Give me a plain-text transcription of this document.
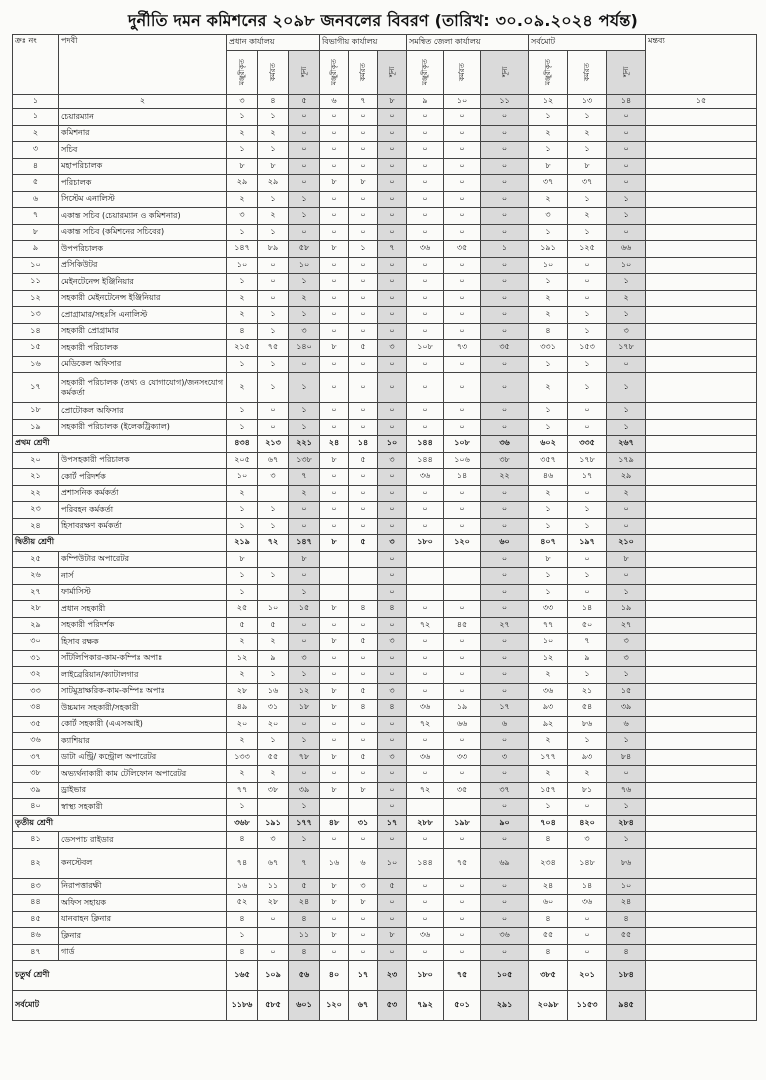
দুর্নীতি দমন কমিশনের ২০৯৮ জনবলের বিবরণ (তারিখ: ৩০.০৯.২০২৪ পর্যন্ত)
ক্রঃ নং	পদবী	প্রধান কার্যালয়			বিভাগীয় কার্যালয়			সমন্বিত জেলা কার্যালয়			সর্বমোট			মন্তব্য
		মঞ্জুরীকৃত	কর্মরত	শূন্য	মঞ্জুরীকৃত	কর্মরত	শূন্য	মঞ্জুরীকৃত	কর্মরত	শূন্য	মঞ্জুরীকৃত	কর্মরত	শূন্য	
১	২	৩	৪	৫	৬	৭	৮	৯	১০	১১	১২	১৩	১৪	১৫
১	চেয়ারম্যান	১	১	০	০	০	০	০	০	০	১	১	০	
২	কমিশনার	২	২	০	০	০	০	০	০	০	২	২	০	
৩	সচিব	১	১	০	০	০	০	০	০	০	১	১	০	
৪	মহাপরিচালক	৮	৮	০	০	০	০	০	০	০	৮	৮	০	
৫	পরিচালক	২৯	২৯	০	৮	৮	০	০	০	০	৩৭	৩৭	০	
৬	সিস্টেম এনালিস্ট	২	১	১	০	০	০	০	০	০	২	১	১	
৭	একান্ত সচিব (চেয়ারম্যান ও কমিশনার)	৩	২	১	০	০	০	০	০	০	৩	২	১	
৮	একান্ত সচিব (কমিশনের সচিবের)	১	১	০	০	০	০	০	০	০	১	১	০	
৯	উপপরিচালক	১৪৭	৮৯	৫৮	৮	১	৭	৩৬	৩৫	১	১৯১	১২৫	৬৬	
১০	প্রসিকিউটর	১০	০	১০	০	০	০	০	০	০	১০	০	১০	
১১	মেইনটেনেন্স ইঞ্জিনিয়ার	১	০	১	০	০	০	০	০	০	১	০	১	
১২	সহকারী মেইনটেনেন্স ইঞ্জিনিয়ার	২	০	২	০	০	০	০	০	০	২	০	২	
১৩	প্রোগ্রামার/সহঃসি এনালিস্ট	২	১	১	০	০	০	০	০	০	২	১	১	
১৪	সহকারী প্রোগ্রামার	৪	১	৩	০	০	০	০	০	০	৪	১	৩	
১৫	সহকারী পরিচালক	২১৫	৭৫	১৪০	৮	৫	৩	১০৮	৭৩	৩৫	৩৩১	১৫৩	১৭৮	
১৬	মেডিকেল অফিসার	১	১	০	০	০	০	০	০	০	১	১	০	
১৭	সহকারী পরিচালক (তথ্য ও যোগাযোগ)/জনসংযোগ কর্মকর্তা	২	১	১	০	০	০	০	০	০	২	১	১	
১৮	প্রোটোকল অফিসার	১	০	১	০	০	০	০	০	০	১	০	১	
১৯	সহকারী পরিচালক (ইলেকট্রিক্যাল)	১	০	১	০	০	০	০	০	০	১	০	১	
প্রথম শ্রেণী		৪৩৪	২১৩	২২১	২৪	১৪	১০	১৪৪	১০৮	৩৬	৬০২	৩৩৫	২৬৭	
২০	উপসহকারী পরিচালক	২০৫	৬৭	১৩৮	৮	৫	৩	১৪৪	১০৬	৩৮	৩৫৭	১৭৮	১৭৯	
২১	কোর্ট পরিদর্শক	১০	৩	৭	০	০	০	৩৬	১৪	২২	৪৬	১৭	২৯	
২২	প্রশাসনিক কর্মকর্তা	২		২	০	০	০	০	০	০	২	০	২	
২৩	পরিবহন কর্মকর্তা	১	১	০	০	০	০	০	০	০	১	১	০	
২৪	হিসাবরক্ষণ কর্মকর্তা	১	১	০	০	০	০	০	০	০	১	১	০	
দ্বিতীয় শ্রেণী		২১৯	৭২	১৪৭	৮	৫	৩	১৮০	১২০	৬০	৪০৭	১৯৭	২১০	
২৫	কম্পিউটার অপারেটর	৮		৮			০			০	৮	০	৮	
২৬	নার্স	১	১	০			০			০	১	১	০	
২৭	ফার্মাসিস্ট	১		১			০			০	১	০	১	
২৮	প্রধান সহকারী	২৫	১০	১৫	৮	৪	৪	০	০	০	৩৩	১৪	১৯	
২৯	সহকারী পরিদর্শক	৫	৫	০	০	০	০	৭২	৪৫	২৭	৭৭	৫০	২৭	
৩০	হিসাব রক্ষক	২	২	০	৮	৫	৩	০	০	০	১০	৭	৩	
৩১	সাঁটলিপিকার-কাম-কম্পিঃ অপাঃ	১২	৯	৩	০	০	০	০	০	০	১২	৯	৩	
৩২	লাইব্রেরিয়ান/ক্যাটালগার	২	১	১	০	০	০	০	০	০	২	১	১	
৩৩	সাটমুদ্রাক্ষরিক-কাম-কম্পিঃ অপাঃ	২৮	১৬	১২	৮	৫	৩	০	০	০	৩৬	২১	১৫	
৩৪	উচ্চমান সহকারী/সহকারী	৪৯	৩১	১৮	৮	৪	৪	৩৬	১৯	১৭	৯৩	৫৪	৩৯	
৩৫	কোর্ট সহকারী (এএসআই)	২০	২০	০	০	০	০	৭২	৬৬	৬	৯২	৮৬	৬	
৩৬	ক্যাশিয়ার	২	১	১	০	০	০	০	০	০	২	১	১	
৩৭	ডাটা এন্ট্রি/ কন্ট্রোল অপারেটর	১৩৩	৫৫	৭৮	৮	৫	৩	৩৬	৩৩	৩	১৭৭	৯৩	৮৪	
৩৮	অভ্যর্থনাকারী কাম টেলিফোন অপারেটর	২	২	০	০	০	০	০	০	০	২	২	০	
৩৯	ড্রাইভার	৭৭	৩৮	৩৯	৮	৮	০	৭২	৩৫	৩৭	১৫৭	৮১	৭৬	
৪০	স্বাস্থ্য সহকারী	১		১			০			০	১	০	১	
তৃতীয় শ্রেণী		৩৬৮	১৯১	১৭৭	৪৮	৩১	১৭	২৮৮	১৯৮	৯০	৭০৪	৪২০	২৮৪	
৪১	ডেসপাচ রাইডার	৪	৩	১	০	০	০	০	০	০	৪	৩	১	
৪২	কনস্টেবল	৭৪	৬৭	৭	১৬	৬	১০	১৪৪	৭৫	৬৯	২৩৪	১৪৮	৮৬	
৪৩	নিরাপত্তারক্ষী	১৬	১১	৫	৮	৩	৫	০	০	০	২৪	১৪	১০	
৪৪	অফিস সহায়ক	৫২	২৮	২৪	৮	৮	০	০	০	০	৬০	৩৬	২৪	
৪৫	যানবাহন ক্লিনার	৪	০	৪	০	০	০	০	০	০	৪	০	৪	
৪৬	ক্লিনার	১		১১	৮	০	৮	৩৬	০	৩৬	৫৫	০	৫৫	
৪৭	গার্ড	৪	০	৪	০	০	০	০	০	০	৪	০	৪	
চতুর্থ শ্রেণী		১৬৫	১০৯	৫৬	৪০	১৭	২৩	১৮০	৭৫	১০৫	৩৮৫	২০১	১৮৪	
সর্বমোট		১১৮৬	৫৮৫	৬০১	১২০	৬৭	৫৩	৭৯২	৫০১	২৯১	২০৯৮	১১৫৩	৯৪৫	
